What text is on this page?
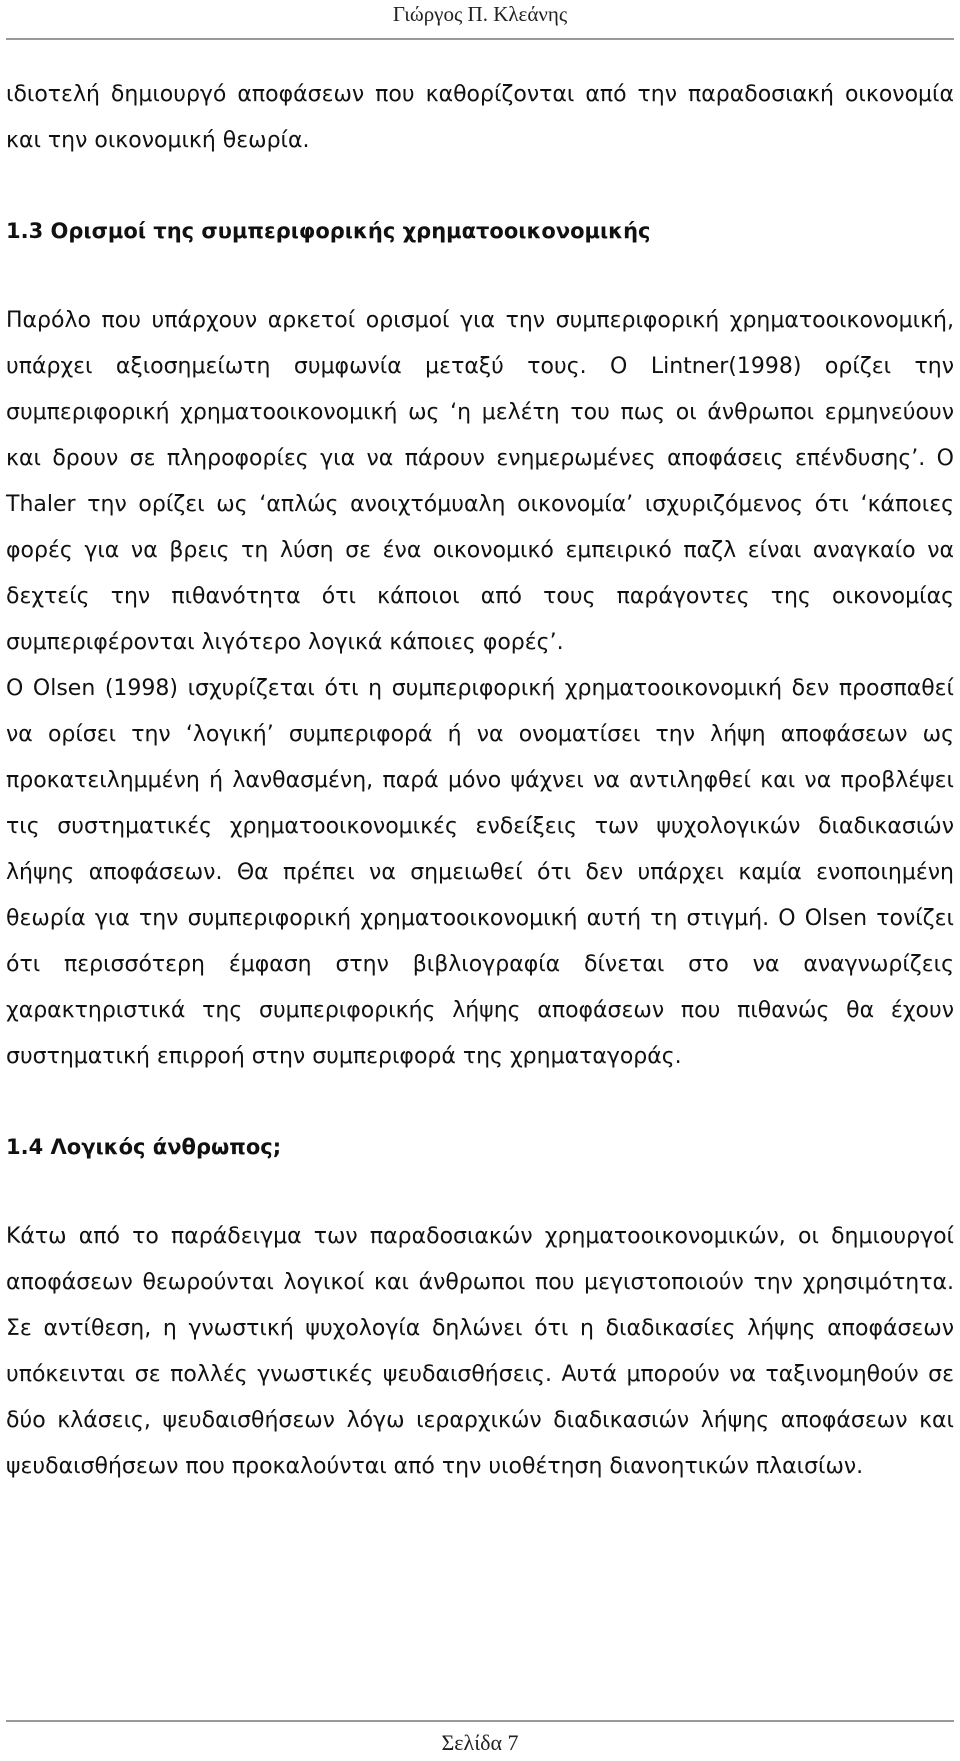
Γιώργος Π. Κλεάνης

ιδιοτελή δημιουργό αποφάσεων που καθορίζονται από την παραδοσιακή οικονομία και την οικονομική θεωρία.

1.3 Ορισμοί της συμπεριφορικής χρηματοοικονομικής

Παρόλο που υπάρχουν αρκετοί ορισμοί για την συμπεριφορική χρηματοοικονομική, υπάρχει αξιοσημείωτη συμφωνία μεταξύ τους. Ο Lintner(1998) ορίζει την συμπεριφορική χρηματοοικονομική ως ‘η μελέτη του πως οι άνθρωποι ερμηνεύουν και δρουν σε πληροφορίες για να πάρουν ενημερωμένες αποφάσεις επένδυσης’. Ο Thaler την ορίζει ως ‘απλώς ανοιχτόμυαλη οικονομία’ ισχυριζόμενος ότι ‘κάποιες φορές για να βρεις τη λύση σε ένα οικονομικό εμπειρικό παζλ είναι αναγκαίο να δεχτείς την πιθανότητα ότι κάποιοι από τους παράγοντες της οικονομίας συμπεριφέρονται λιγότερο λογικά κάποιες φορές’.

Ο Olsen (1998) ισχυρίζεται ότι η συμπεριφορική χρηματοοικονομική δεν προσπαθεί να ορίσει την ‘λογική’ συμπεριφορά ή να ονοματίσει την λήψη αποφάσεων ως προκατειλημμένη ή λανθασμένη, παρά μόνο ψάχνει να αντιληφθεί και να προβλέψει τις συστηματικές χρηματοοικονομικές ενδείξεις των ψυχολογικών διαδικασιών λήψης αποφάσεων. Θα πρέπει να σημειωθεί ότι δεν υπάρχει καμία ενοποιημένη θεωρία για την συμπεριφορική χρηματοοικονομική αυτή τη στιγμή. Ο Olsen τονίζει ότι περισσότερη έμφαση στην βιβλιογραφία δίνεται στο να αναγνωρίζεις χαρακτηριστικά της συμπεριφορικής λήψης αποφάσεων που πιθανώς θα έχουν συστηματική επιρροή στην συμπεριφορά της χρηματαγοράς.

1.4 Λογικός άνθρωπος;

Κάτω από το παράδειγμα των παραδοσιακών χρηματοοικονομικών, οι δημιουργοί αποφάσεων θεωρούνται λογικοί και άνθρωποι που μεγιστοποιούν την χρησιμότητα. Σε αντίθεση, η γνωστική ψυχολογία δηλώνει ότι η διαδικασίες λήψης αποφάσεων υπόκεινται σε πολλές γνωστικές ψευδαισθήσεις. Αυτά μπορούν να ταξινομηθούν σε δύο κλάσεις, ψευδαισθήσεων λόγω ιεραρχικών διαδικασιών λήψης αποφάσεων και ψευδαισθήσεων που προκαλούνται από την υιοθέτηση διανοητικών πλαισίων.

Σελίδα 7
